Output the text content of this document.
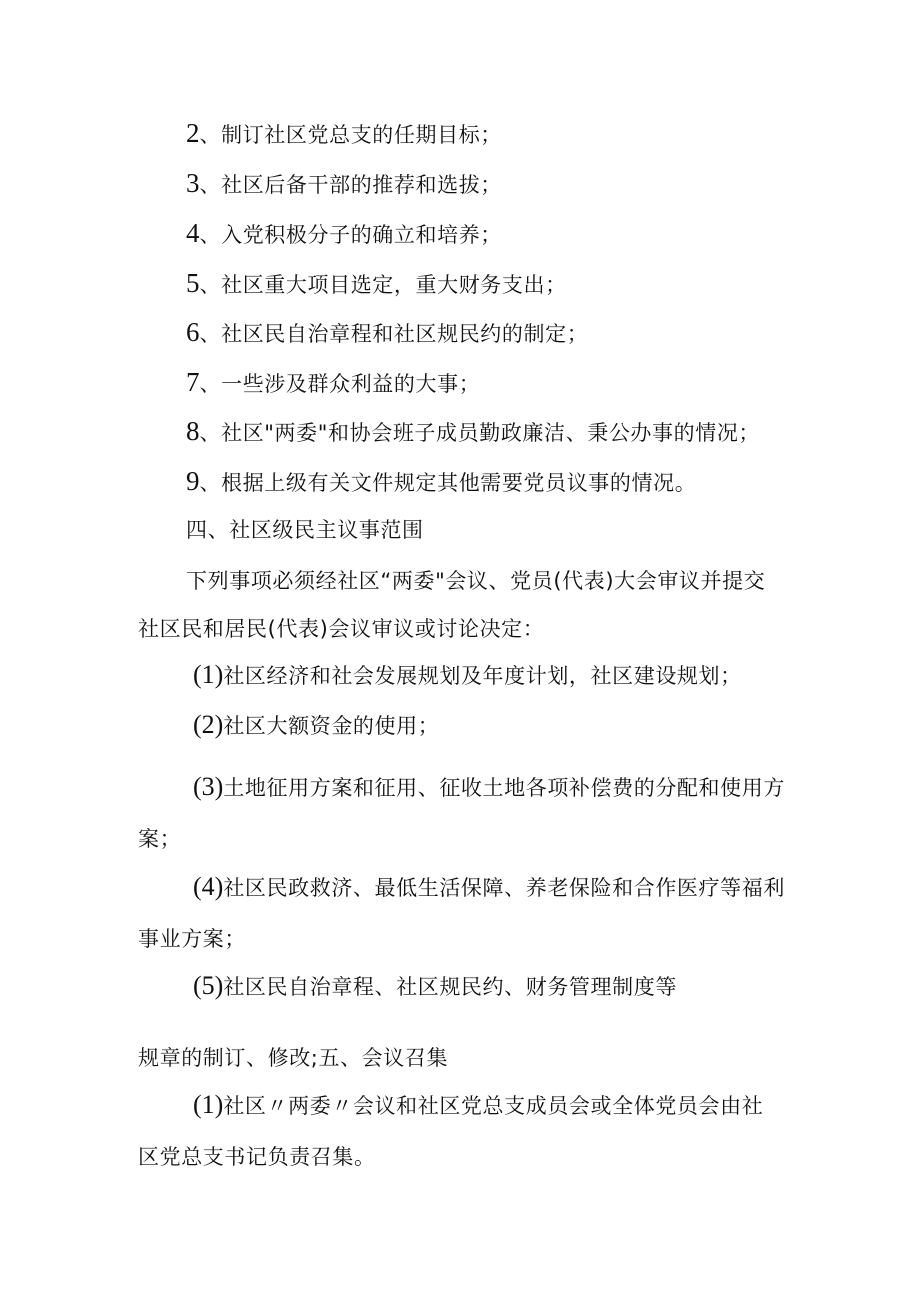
2、制订社区党总支的任期目标；
3、社区后备干部的推荐和选拔；
4、入党积极分子的确立和培养；
5、社区重大项目选定，重大财务支出；
6、社区民自治章程和社区规民约的制定；
7、一些涉及群众利益的大事；
8、社区"两委"和协会班子成员勤政廉洁、秉公办事的情况；
9、根据上级有关文件规定其他需要党员议事的情况。
四、社区级民主议事范围
下列事项必须经社区“两委"会议、党员(代表)大会审议并提交
社区民和居民(代表)会议审议或讨论决定：
(1)社区经济和社会发展规划及年度计划，社区建设规划；
(2)社区大额资金的使用；
(3)土地征用方案和征用、征收土地各项补偿费的分配和使用方
案；
(4)社区民政救济、最低生活保障、养老保险和合作医疗等福利
事业方案；
(5)社区民自治章程、社区规民约、财务管理制度等
规章的制订、修改;五、会议召集
(1)社区〃两委〃会议和社区党总支成员会或全体党员会由社
区党总支书记负责召集。
